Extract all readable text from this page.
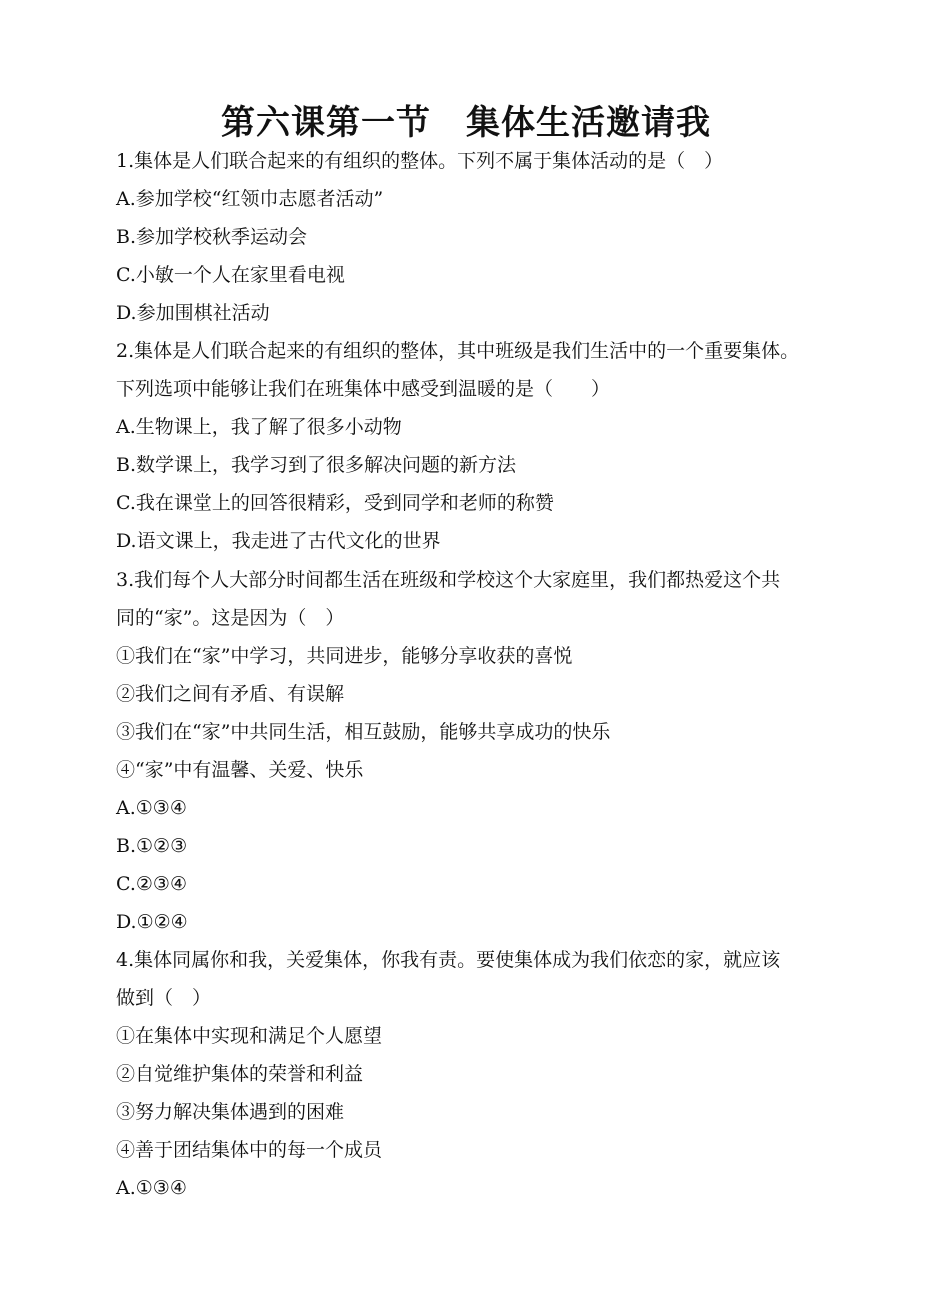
第六课第一节　集体生活邀请我
1.集体是人们联合起来的有组织的整体。下列不属于集体活动的是（　）
A.参加学校“红领巾志愿者活动”
B.参加学校秋季运动会
C.小敏一个人在家里看电视
D.参加围棋社活动
2.集体是人们联合起来的有组织的整体，其中班级是我们生活中的一个重要集体。
下列选项中能够让我们在班集体中感受到温暖的是（　　）
A.生物课上，我了解了很多小动物
B.数学课上，我学习到了很多解决问题的新方法
C.我在课堂上的回答很精彩，受到同学和老师的称赞
D.语文课上，我走进了古代文化的世界
3.我们每个人大部分时间都生活在班级和学校这个大家庭里，我们都热爱这个共
同的“家”。这是因为（　）
①我们在“家”中学习，共同进步，能够分享收获的喜悦
②我们之间有矛盾、有误解
③我们在“家”中共同生活，相互鼓励，能够共享成功的快乐
④“家”中有温馨、关爱、快乐
A.①③④
B.①②③
C.②③④
D.①②④
4.集体同属你和我，关爱集体，你我有责。要使集体成为我们依恋的家，就应该
做到（　）
①在集体中实现和满足个人愿望
②自觉维护集体的荣誉和利益
③努力解决集体遇到的困难
④善于团结集体中的每一个成员
A.①③④
